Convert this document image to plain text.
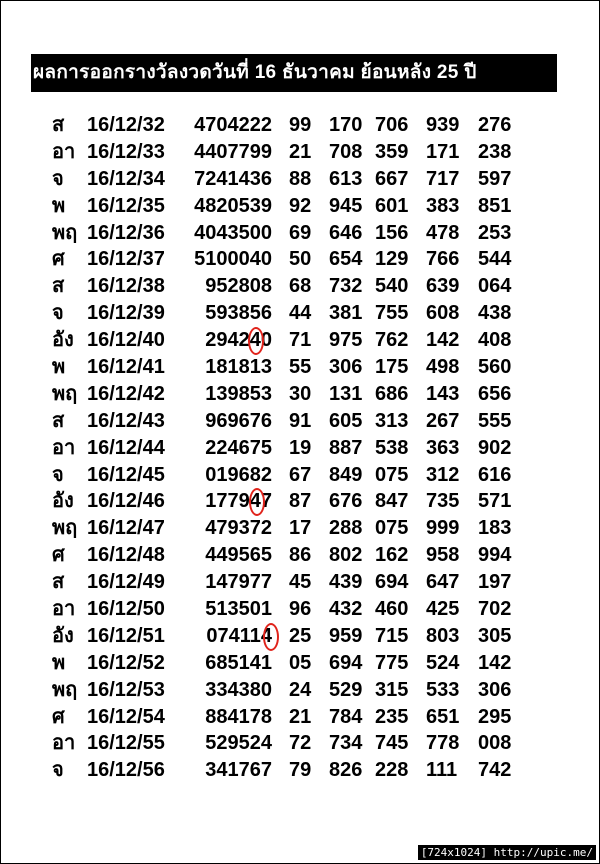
ผลการออกรางวัลงวดวันที่ 16 ธันวาคม ย้อนหลัง 25 ปี
ส 16/12/32 4704222 99 170 706 939 276
อา 16/12/33 4407799 21 708 359 171 238
จ 16/12/34 7241436 88 613 667 717 597
พ 16/12/35 4820539 92 945 601 383 851
พฤ 16/12/36 4043500 69 646 156 478 253
ศ 16/12/37 5100040 50 654 129 766 544
ส 16/12/38 952808 68 732 540 639 064
จ 16/12/39 593856 44 381 755 608 438
อัง 16/12/40 294240 71 975 762 142 408
พ 16/12/41 181813 55 306 175 498 560
พฤ 16/12/42 139853 30 131 686 143 656
ส 16/12/43 969676 91 605 313 267 555
อา 16/12/44 224675 19 887 538 363 902
จ 16/12/45 019682 67 849 075 312 616
อัง 16/12/46 177947 87 676 847 735 571
พฤ 16/12/47 479372 17 288 075 999 183
ศ 16/12/48 449565 86 802 162 958 994
ส 16/12/49 147977 45 439 694 647 197
อา 16/12/50 513501 96 432 460 425 702
อัง 16/12/51 074114 25 959 715 803 305
พ 16/12/52 685141 05 694 775 524 142
พฤ 16/12/53 334380 24 529 315 533 306
ศ 16/12/54 884178 21 784 235 651 295
อา 16/12/55 529524 72 734 745 778 008
จ 16/12/56 341767 79 826 228 111 742
[724x1024] http://upic.me/
